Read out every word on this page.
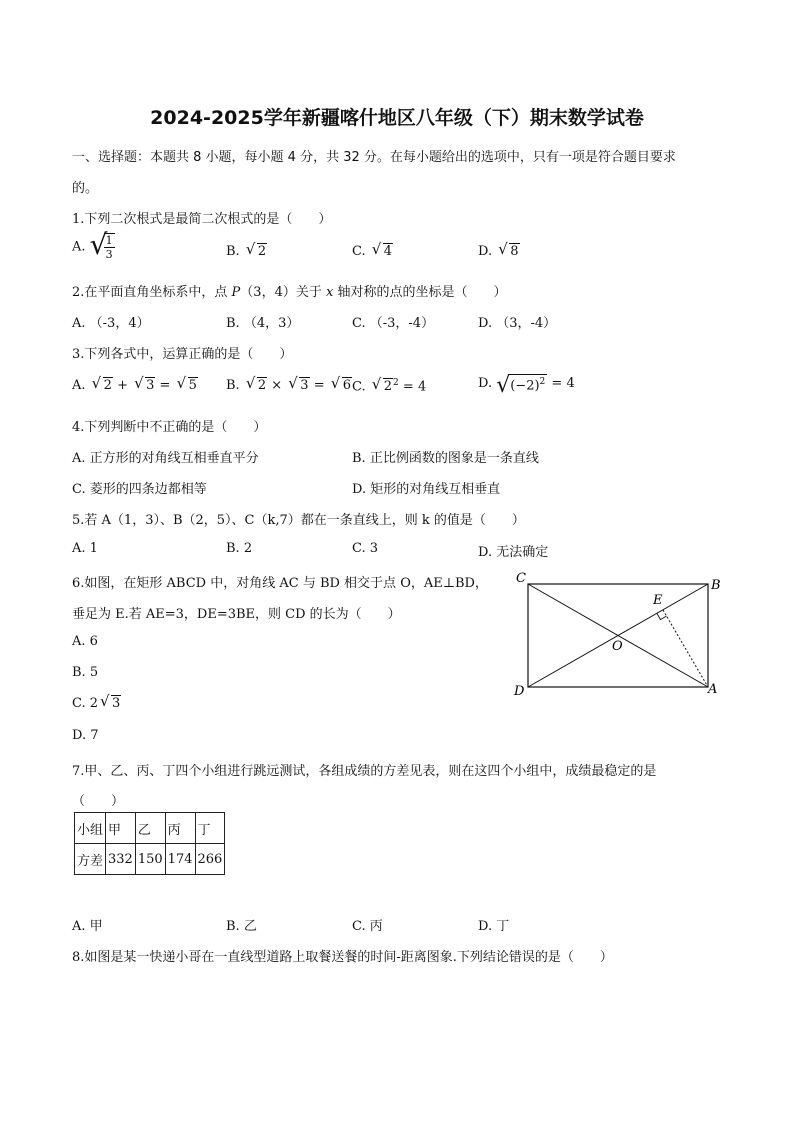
2024-2025学年新疆喀什地区八年级（下）期末数学试卷
一、选择题：本题共 8 小题，每小题 4 分，共 32 分。在每小题给出的选项中，只有一项是符合题目要求
的。
1.下列二次根式是最简二次根式的是（　　）
A. √
$\frac{1}{3}$	B. √ 2	C. √ 4	D. √ 8
2.在平面直角坐标系中，点 P（3，4）关于 x 轴对称的点的坐标是（　　）
A. （-3，4）	B. （4，3）	C. （-3，-4）	D. （3，-4）
3.下列各式中，运算正确的是（　　）
A. √ 2 + √ 3 = √ 5 B. √ 2 × √ 3 = √ 6 C. √ $2^2 = 4$	D. √ $(-2)^2 = 4$
4.下列判断中不正确的是（　　）
A. 正方形的对角线互相垂直平分	B. 正比例函数的图象是一条直线
C. 菱形的四条边都相等	D. 矩形的对角线互相垂直
5.若 A（1，3）、B（2，5）、C（k,7）都在一条直线上，则 k 的值是（　　）
A. 1	B. 2	C. 3	D. 无法确定
6.如图，在矩形 ABCD 中，对角线 AC 与 BD 相交于点 O，AE⊥BD，
垂足为 E.若 AE=3，DE=3BE，则 CD 的长为（　　）
A. 6
B. 5
C. 2 √ 3
D. 7
C	B
E
O
D	A
7.甲、乙、丙、丁四个小组进行跳远测试，各组成绩的方差见表，则在这四个小组中，成绩最稳定的是
（　　）
小组	甲	乙	丙	丁
方差	332	150	174	266
A. 甲	B. 乙	C. 丙	D. 丁
8.如图是某一快递小哥在一直线型道路上取餐送餐的时间-距离图象.下列结论错误的是（　　）
